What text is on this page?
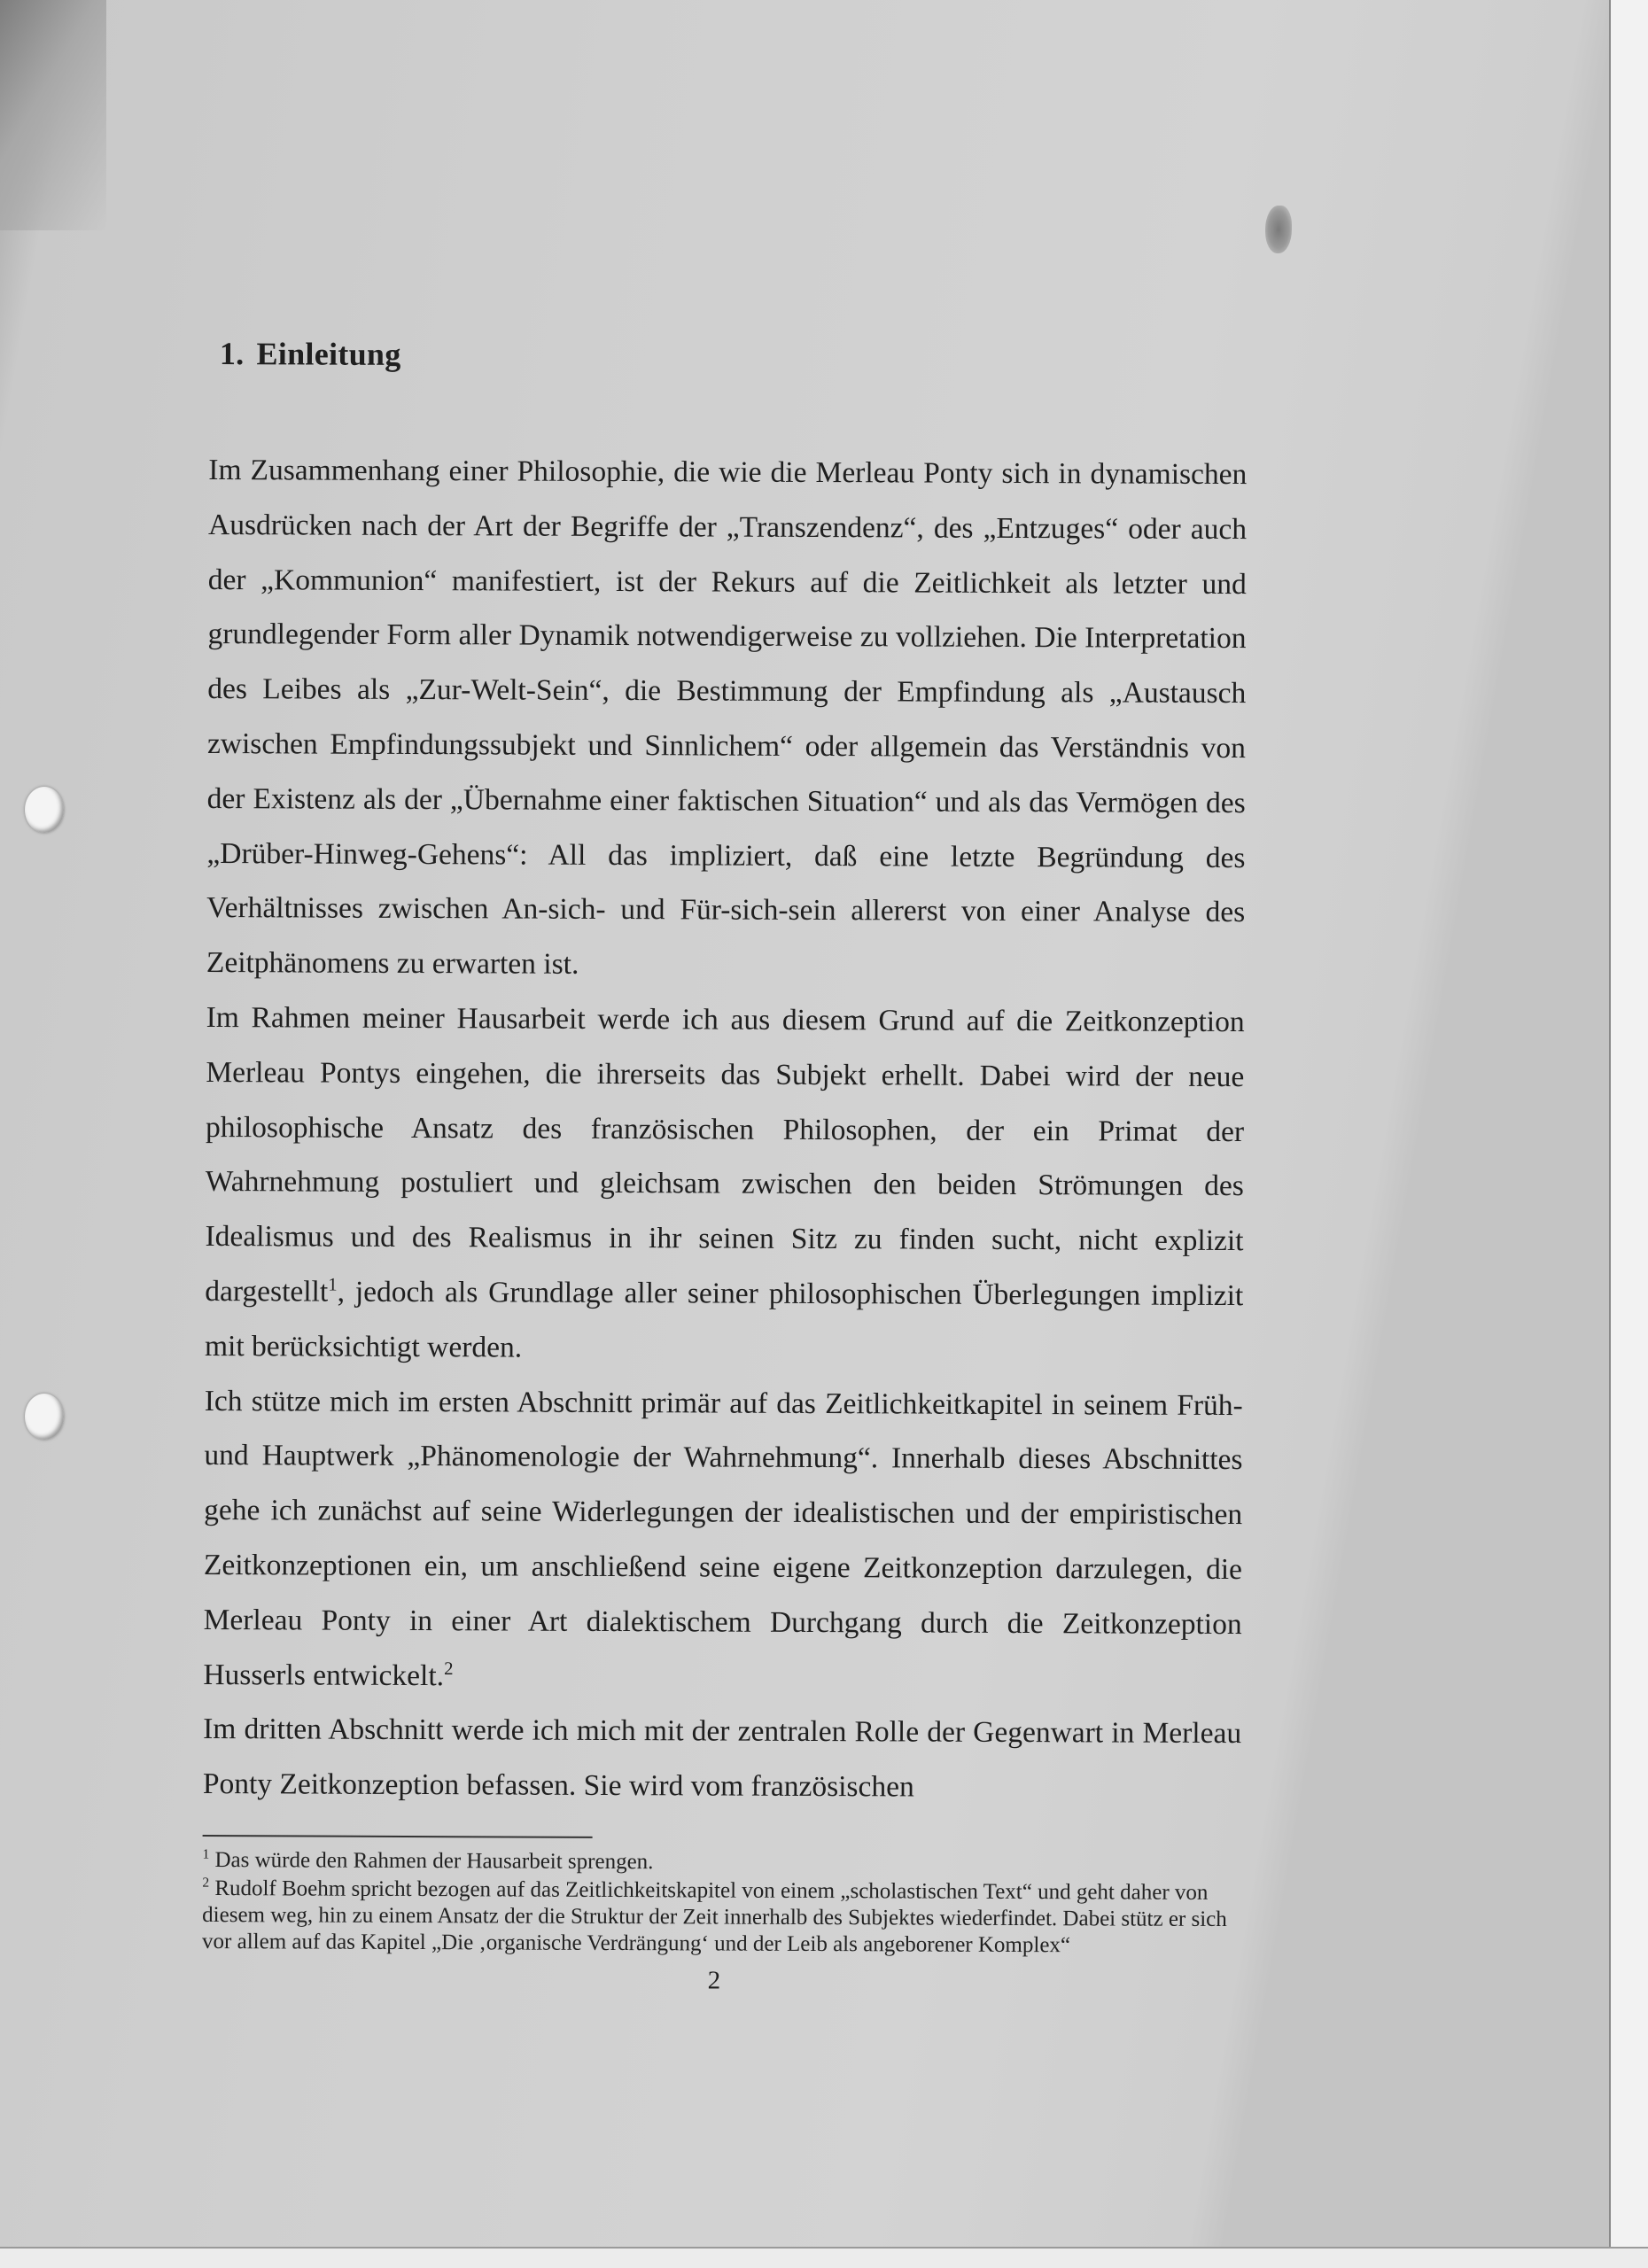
1. Einleitung

Im Zusammenhang einer Philosophie, die wie die Merleau Ponty sich in dynamischen Ausdrücken nach der Art der Begriffe der „Transzendenz“, des „Entzuges“ oder auch der „Kommunion“ manifestiert, ist der Rekurs auf die Zeitlichkeit als letzter und grundlegender Form aller Dynamik notwendigerweise zu vollziehen. Die Interpretation des Leibes als „Zur-Welt-Sein“, die Bestimmung der Empfindung als „Austausch zwischen Empfindungssubjekt und Sinnlichem“ oder allgemein das Verständnis von der Existenz als der „Übernahme einer faktischen Situation“ und als das Vermögen des „Drüber-Hinweg-Gehens“: All das impliziert, daß eine letzte Begründung des Verhältnisses zwischen An-sich- und Für-sich-sein allererst von einer Analyse des Zeitphänomens zu erwarten ist.

Im Rahmen meiner Hausarbeit werde ich aus diesem Grund auf die Zeitkonzeption Merleau Pontys eingehen, die ihrerseits das Subjekt erhellt. Dabei wird der neue philosophische Ansatz des französischen Philosophen, der ein Primat der Wahrnehmung postuliert und gleichsam zwischen den beiden Strömungen des Idealismus und des Realismus in ihr seinen Sitz zu finden sucht, nicht explizit dargestellt$^1$, jedoch als Grundlage aller seiner philosophischen Überlegungen implizit mit berücksichtigt werden.

Ich stütze mich im ersten Abschnitt primär auf das Zeitlichkeitkapitel in seinem Früh- und Hauptwerk „Phänomenologie der Wahrnehmung“. Innerhalb dieses Abschnittes gehe ich zunächst auf seine Widerlegungen der idealistischen und der empiristischen Zeitkonzeptionen ein, um anschließend seine eigene Zeitkonzeption darzulegen, die Merleau Ponty in einer Art dialektischem Durchgang durch die Zeitkonzeption Husserls entwickelt.$^2$

Im dritten Abschnitt werde ich mich mit der zentralen Rolle der Gegenwart in Merleau Ponty Zeitkonzeption befassen. Sie wird vom französischen

$^1$ Das würde den Rahmen der Hausarbeit sprengen.

$^2$ Rudolf Boehm spricht bezogen auf das Zeitlichkeitskapitel von einem „scholastischen Text“ und geht daher von diesem weg, hin zu einem Ansatz der die Struktur der Zeit innerhalb des Subjektes wiederfindet. Dabei stütz er sich vor allem auf das Kapitel „Die ‚organische Verdrängung‘ und der Leib als angeborener Komplex“

2
